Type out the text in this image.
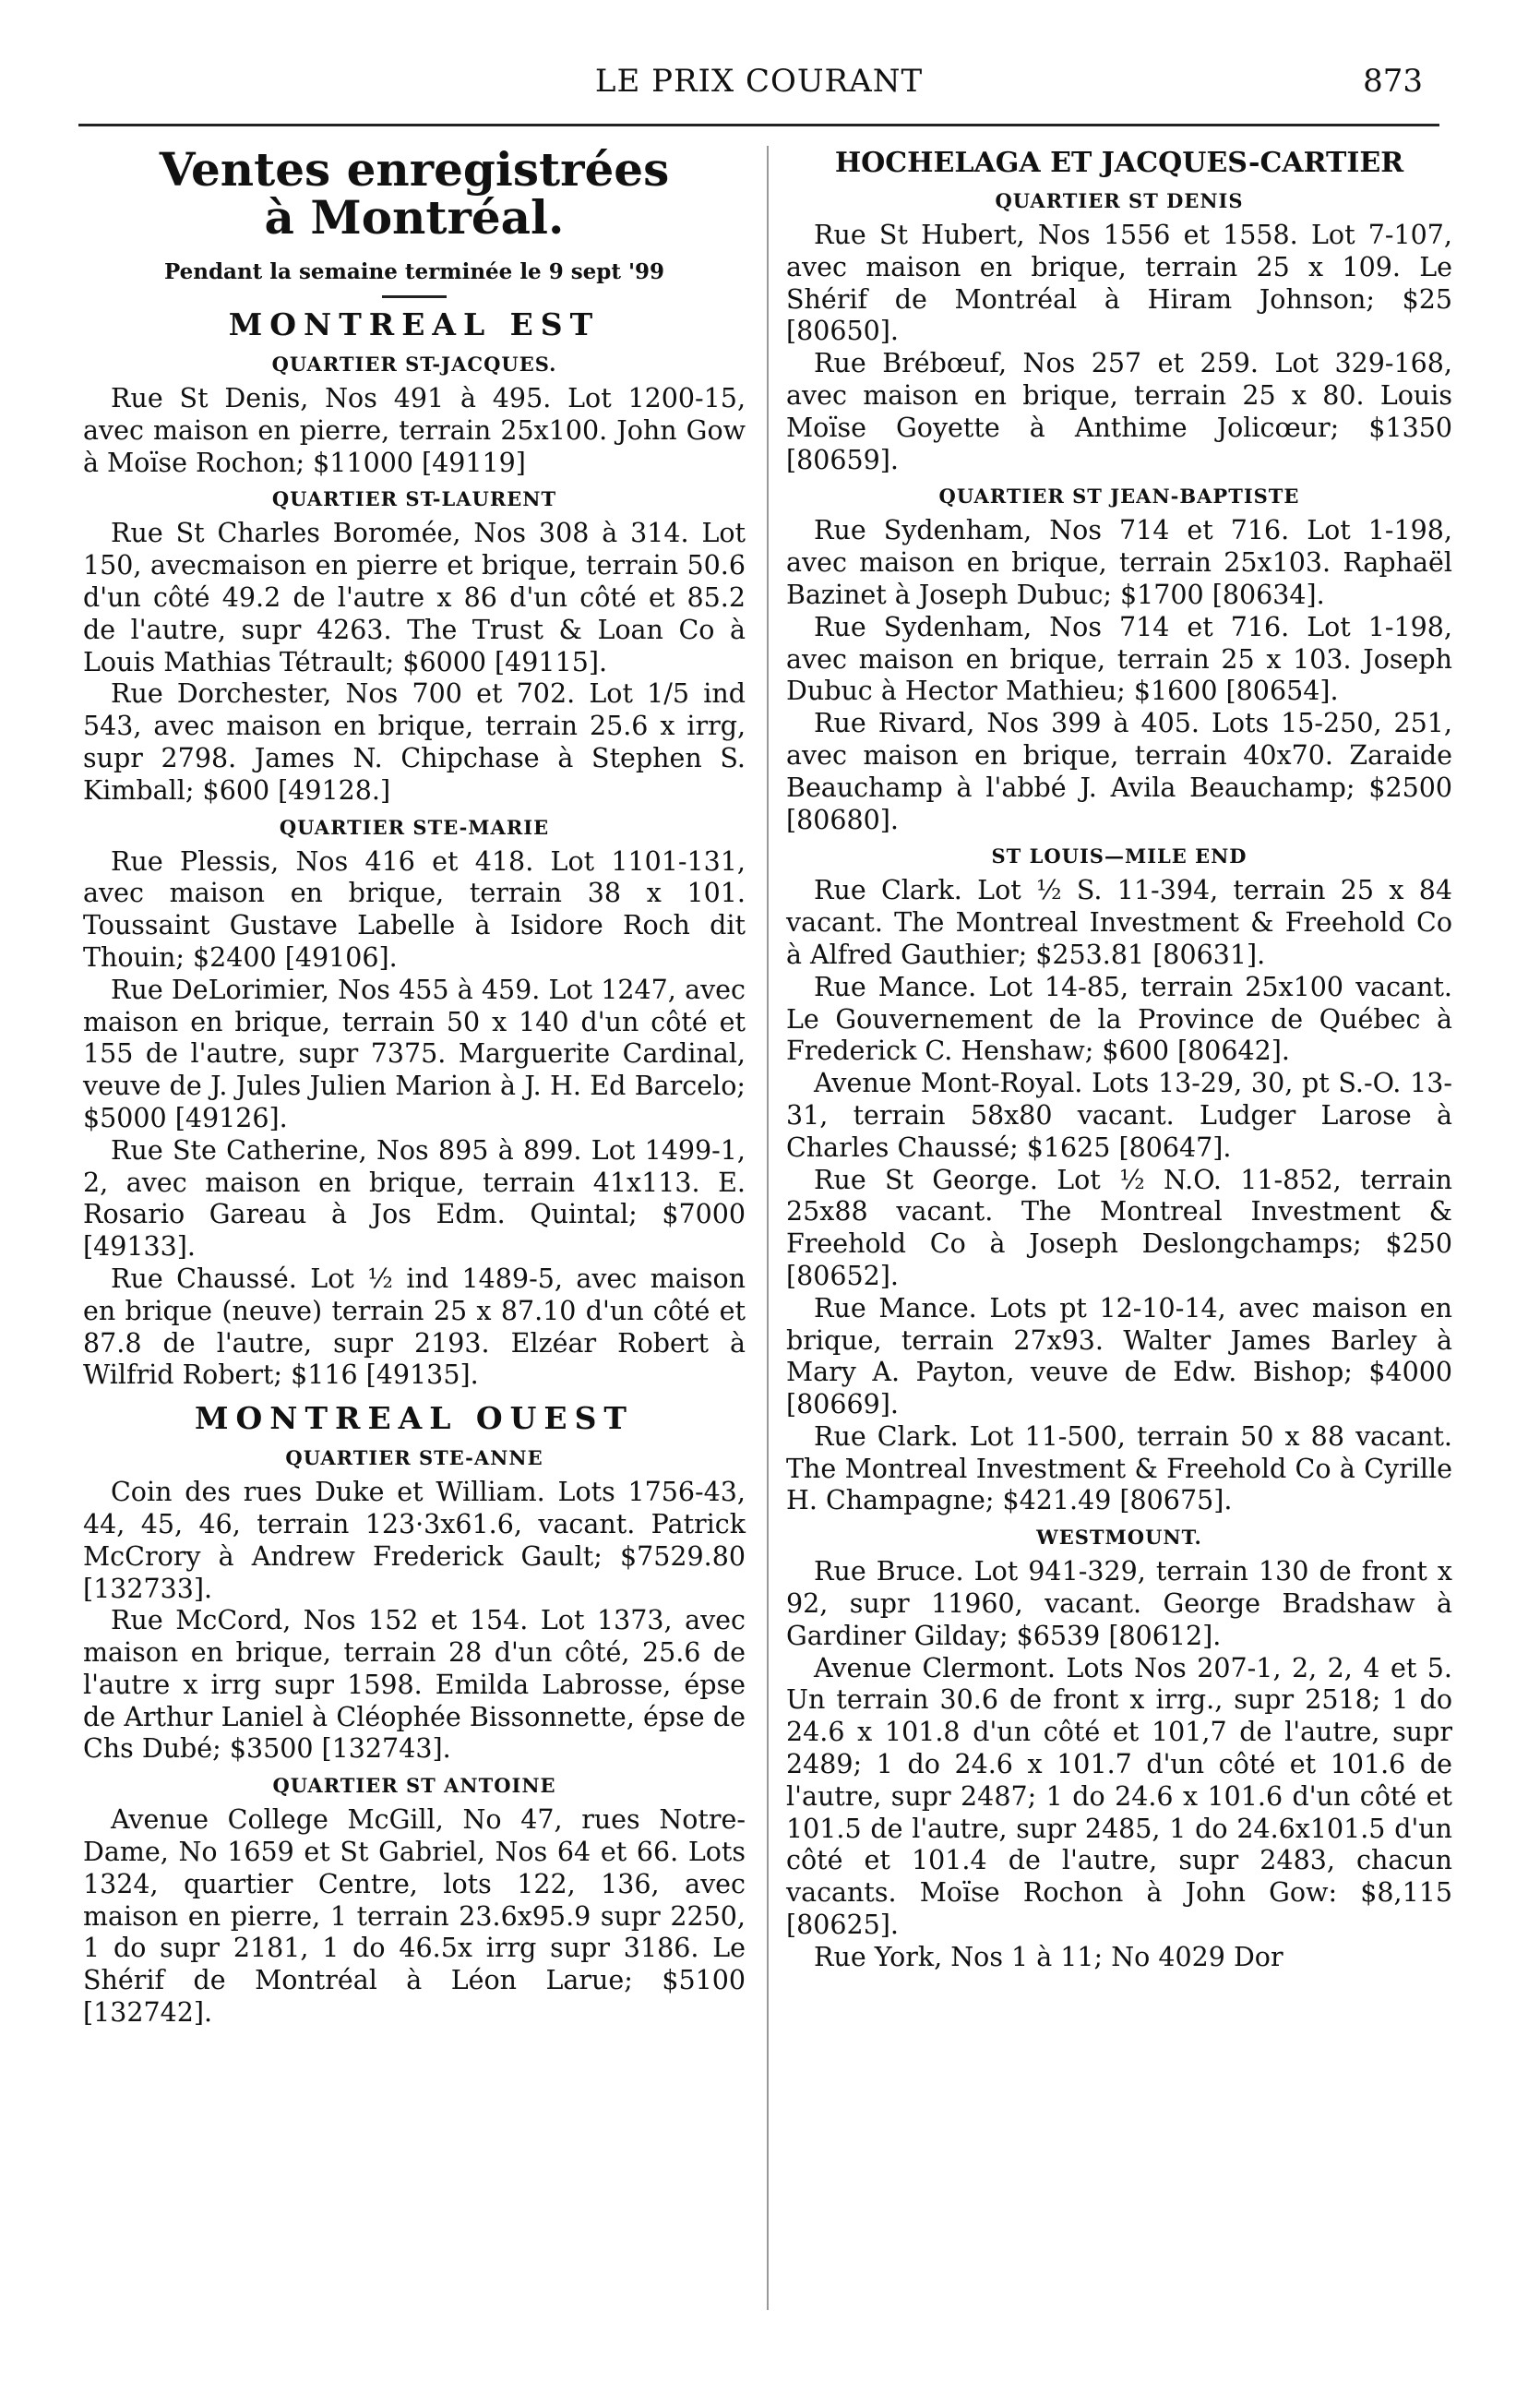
LE PRIX COURANT	873
Ventes enregistrées
à Montréal.
Pendant la semaine terminée le 9 sept '99
MONTREAL EST
QUARTIER ST-JACQUES.

Rue St Denis, Nos 491 à 495. Lot 1200-15, avec maison en pierre, terrain 25x100. John Gow à Moïse Rochon; $11000 [49119]

QUARTIER ST-LAURENT

Rue St Charles Boromée, Nos 308 à 314. Lot 150, avecmaison en pierre et brique, terrain 50.6 d'un côté 49.2 de l'autre x 86 d'un côté et 85.2 de l'autre, supr 4263. The Trust & Loan Co à Louis Mathias Tétrault; $6000 [49115].

Rue Dorchester, Nos 700 et 702. Lot 1/5 ind 543, avec maison en brique, terrain 25.6 x irrg, supr 2798. James N. Chipchase à Stephen S. Kimball; $600 [49128.]

QUARTIER STE-MARIE

Rue Plessis, Nos 416 et 418. Lot 1101-131, avec maison en brique, terrain 38 x 101. Toussaint Gustave Labelle à Isidore Roch dit Thouin; $2400 [49106].

Rue DeLorimier, Nos 455 à 459. Lot 1247, avec maison en brique, terrain 50 x 140 d'un côté et 155 de l'autre, supr 7375. Marguerite Cardinal, veuve de J. Jules Julien Marion à J. H. Ed Barcelo; $5000 [49126].

Rue Ste Catherine, Nos 895 à 899. Lot 1499-1, 2, avec maison en brique, terrain 41x113. E. Rosario Gareau à Jos Edm. Quintal; $7000 [49133].

Rue Chaussé. Lot ½ ind 1489-5, avec maison en brique (neuve) terrain 25 x 87.10 d'un côté et 87.8 de l'autre, supr 2193. Elzéar Robert à Wilfrid Robert; $116 [49135].

MONTREAL OUEST
QUARTIER STE-ANNE

Coin des rues Duke et William. Lots 1756-43, 44, 45, 46, terrain 123·3x61.6, vacant. Patrick McCrory à Andrew Frederick Gault; $7529.80 [132733].

Rue McCord, Nos 152 et 154. Lot 1373, avec maison en brique, terrain 28 d'un côté, 25.6 de l'autre x irrg supr 1598. Emilda Labrosse, épse de Arthur Laniel à Cléophée Bissonnette, épse de Chs Dubé; $3500 [132743].

QUARTIER ST ANTOINE

Avenue College McGill, No 47, rues Notre-Dame, No 1659 et St Gabriel, Nos 64 et 66. Lots 1324, quartier Centre, lots 122, 136, avec maison en pierre, 1 terrain 23.6x95.9 supr 2250, 1 do supr 2181, 1 do 46.5x irrg supr 3186. Le Shérif de Montréal à Léon Larue; $5100 [132742].

HOCHELAGA ET JACQUES-CARTIER
QUARTIER ST DENIS

Rue St Hubert, Nos 1556 et 1558. Lot 7-107, avec maison en brique, terrain 25 x 109. Le Shérif de Montréal à Hiram Johnson; $25 [80650].

Rue Brébœuf, Nos 257 et 259. Lot 329-168, avec maison en brique, terrain 25 x 80. Louis Moïse Goyette à Anthime Jolicœur; $1350 [80659].

QUARTIER ST JEAN-BAPTISTE

Rue Sydenham, Nos 714 et 716. Lot 1-198, avec maison en brique, terrain 25x103. Raphaël Bazinet à Joseph Dubuc; $1700 [80634].

Rue Sydenham, Nos 714 et 716. Lot 1-198, avec maison en brique, terrain 25 x 103. Joseph Dubuc à Hector Mathieu; $1600 [80654].

Rue Rivard, Nos 399 à 405. Lots 15-250, 251, avec maison en brique, terrain 40x70. Zaraide Beauchamp à l'abbé J. Avila Beauchamp; $2500 [80680].

ST LOUIS—MILE END

Rue Clark. Lot ½ S. 11-394, terrain 25 x 84 vacant. The Montreal Investment & Freehold Co à Alfred Gauthier; $253.81 [80631].

Rue Mance. Lot 14-85, terrain 25x100 vacant. Le Gouvernement de la Province de Québec à Frederick C. Henshaw; $600 [80642].

Avenue Mont-Royal. Lots 13-29, 30, pt S.-O. 13-31, terrain 58x80 vacant. Ludger Larose à Charles Chaussé; $1625 [80647].

Rue St George. Lot ½ N.O. 11-852, terrain 25x88 vacant. The Montreal Investment & Freehold Co à Joseph Deslongchamps; $250 [80652].

Rue Mance. Lots pt 12-10-14, avec maison en brique, terrain 27x93. Walter James Barley à Mary A. Payton, veuve de Edw. Bishop; $4000 [80669].

Rue Clark. Lot 11-500, terrain 50 x 88 vacant. The Montreal Investment & Freehold Co à Cyrille H. Champagne; $421.49 [80675].

WESTMOUNT.

Rue Bruce. Lot 941-329, terrain 130 de front x 92, supr 11960, vacant. George Bradshaw à Gardiner Gilday; $6539 [80612].

Avenue Clermont. Lots Nos 207-1, 2, 2, 4 et 5. Un terrain 30.6 de front x irrg., supr 2518; 1 do 24.6 x 101.8 d'un côté et 101,7 de l'autre, supr 2489; 1 do 24.6 x 101.7 d'un côté et 101.6 de l'autre, supr 2487; 1 do 24.6 x 101.6 d'un côté et 101.5 de l'autre, supr 2485, 1 do 24.6x101.5 d'un côté et 101.4 de l'autre, supr 2483, chacun vacants. Moïse Rochon à John Gow: $8,115 [80625].

Rue York, Nos 1 à 11; No 4029 Dor
